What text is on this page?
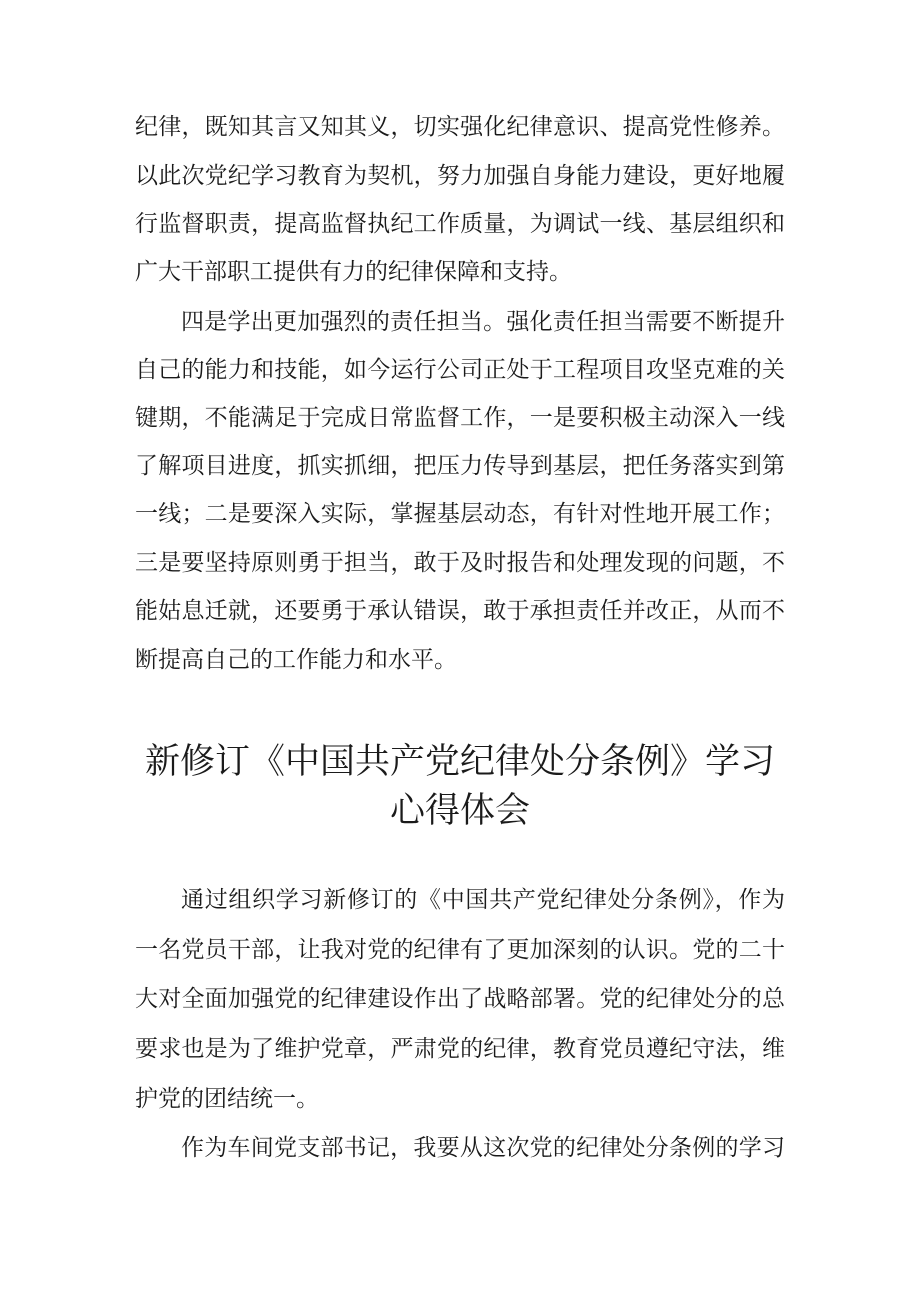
纪律，既知其言又知其义，切实强化纪律意识、提高党性修养。
以此次党纪学习教育为契机，努力加强自身能力建设，更好地履
行监督职责，提高监督执纪工作质量，为调试一线、基层组织和
广大干部职工提供有力的纪律保障和支持。
四是学出更加强烈的责任担当。强化责任担当需要不断提升
自己的能力和技能，如今运行公司正处于工程项目攻坚克难的关
键期，不能满足于完成日常监督工作，一是要积极主动深入一线
了解项目进度，抓实抓细，把压力传导到基层，把任务落实到第
一线；二是要深入实际，掌握基层动态，有针对性地开展工作；
三是要坚持原则勇于担当，敢于及时报告和处理发现的问题，不
能姑息迁就，还要勇于承认错误，敢于承担责任并改正，从而不
断提高自己的工作能力和水平。
新修订《中国共产党纪律处分条例》学习
心得体会
通过组织学习新修订的《中国共产党纪律处分条例》，作为
一名党员干部，让我对党的纪律有了更加深刻的认识。党的二十
大对全面加强党的纪律建设作出了战略部署。党的纪律处分的总
要求也是为了维护党章，严肃党的纪律，教育党员遵纪守法，维
护党的团结统一。
作为车间党支部书记，我要从这次党的纪律处分条例的学习
